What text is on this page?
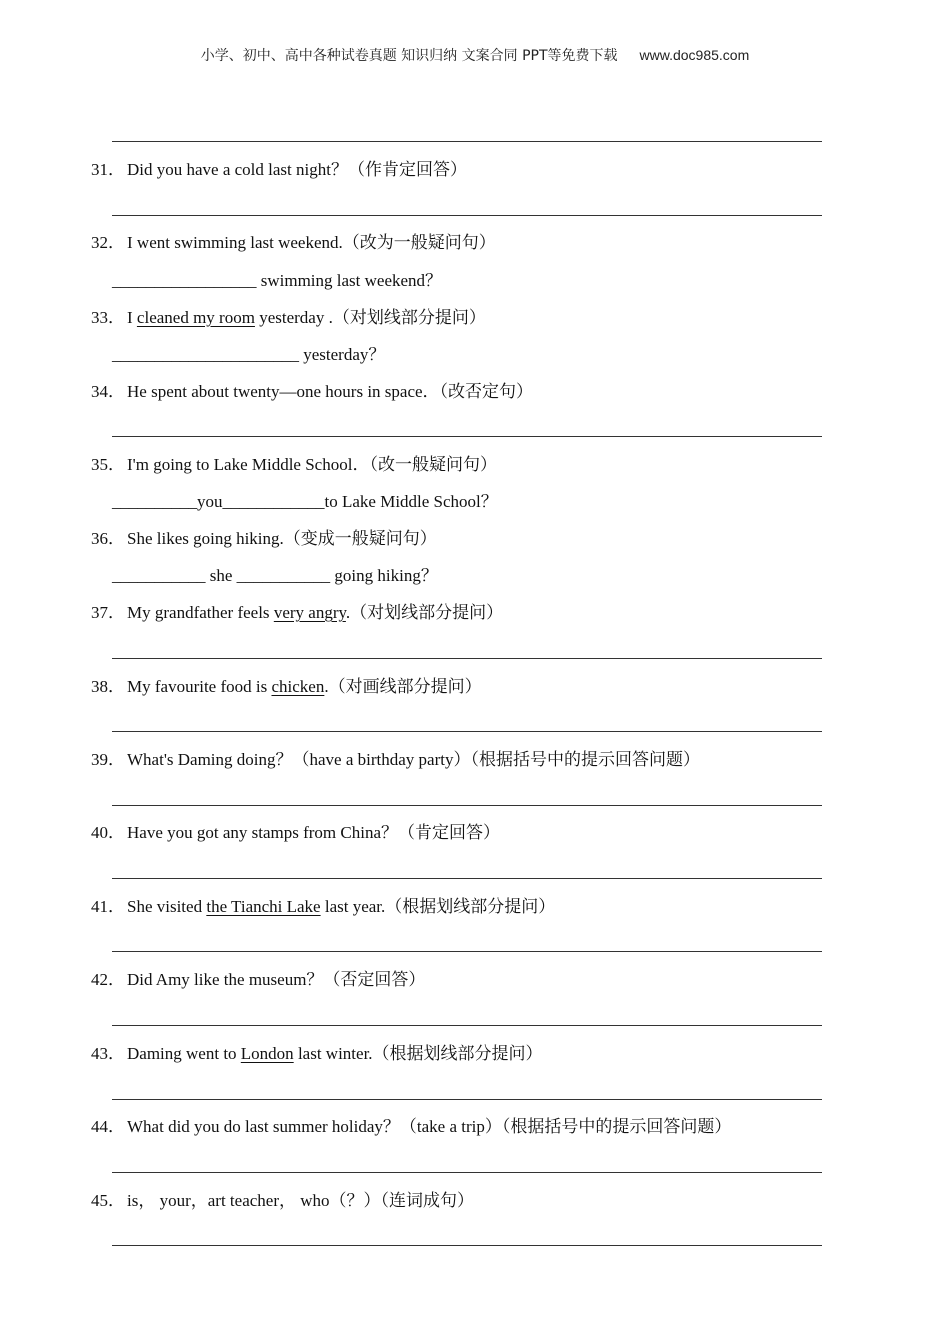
小学、初中、高中各种试卷真题 知识归纳 文案合同 PPT等免费下载 www.doc985.com
31． Did you have a cold last night？（作肯定回答）
32． I went swimming last weekend.（改为一般疑问句）
_________________ swimming last weekend？
33． I cleaned my room yesterday .（对划线部分提问）
______________________ yesterday？
34． He spent about twenty—one hours in space．（改否定句）
35． I'm going to Lake Middle School．（改一般疑问句）
__________you____________to Lake Middle School？
36． She likes going hiking.（变成一般疑问句）
___________ she ___________ going hiking？
37． My grandfather feels very angry.（对划线部分提问）
38． My favourite food is chicken.（对画线部分提问）
39． What's Daming doing？（have a birthday party）（根据括号中的提示回答问题）
40． Have you got any stamps from China？（肯定回答）
41． She visited the Tianchi Lake last year.（根据划线部分提问）
42． Did Amy like the museum？（否定回答）
43． Daming went to London last winter.（根据划线部分提问）
44． What did you do last summer holiday？（take a trip）（根据括号中的提示回答问题）
45． is， your，art teacher， who（？）（连词成句）
